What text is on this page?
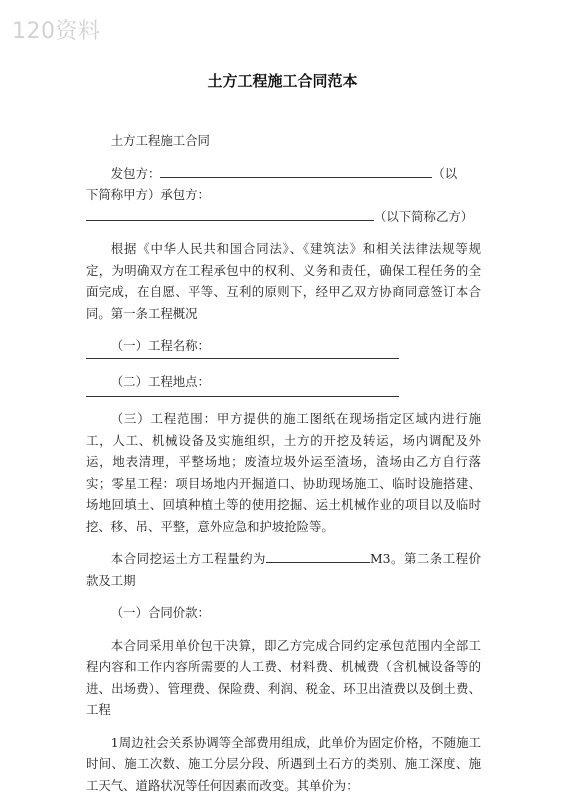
120资料
土方工程施工合同范本

土方工程施工合同

发包方：	（以

下简称甲方）承包方：

（以下简称乙方）

根据《中华人民共和国合同法》、《建筑法》和相关法律法规等规定，为明确双方在工程承包中的权利、义务和责任，确保工程任务的全面完成，在自愿、平等、互利的原则下，经甲乙双方协商同意签订本合同。第一条工程概况

（一）工程名称：

（二）工程地点：

（三）工程范围：甲方提供的施工图纸在现场指定区域内进行施工，人工、机械设备及实施组织，土方的开挖及转运，场内调配及外运，地表清理，平整场地；废渣垃圾外运至渣场，渣场由乙方自行落实；零星工程：项目场地内开掘道口、协助现场施工、临时设施搭建、场地回填土、回填种植土等的使用挖掘、运土机械作业的项目以及临时挖、移、吊、平整，意外应急和护坡抢险等。

本合同挖运土方工程量约为	M3。第二条工程价款及工期

（一）合同价款：

本合同采用单价包干决算，即乙方完成合同约定承包范围内全部工程内容和工作内容所需要的人工费、材料费、机械费（含机械设备等的进、出场费）、管理费、保险费、利润、税金、环卫出渣费以及倒土费、工程

1周边社会关系协调等全部费用组成，此单价为固定价格，不随施工时间、施工次数、施工分层分段、所遇到土石方的类别、施工深度、施工天气、道路状况等任何因素而改变。其单价为：
